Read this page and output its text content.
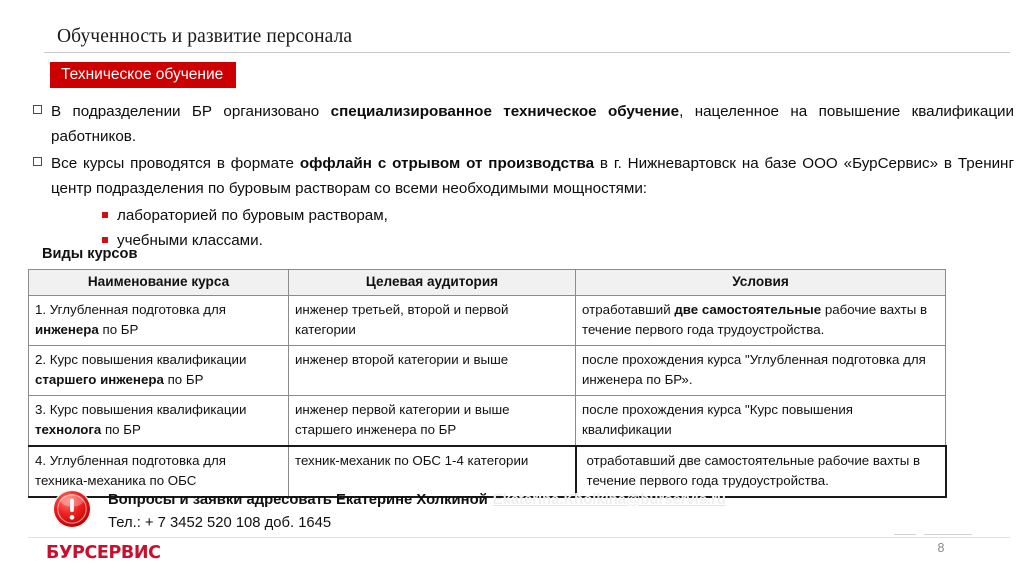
Обученность и развитие персонала
Техническое обучение
В подразделении БР организовано специализированное техническое обучение, нацеленное на повышение квалификации работников.
Все курсы проводятся в формате оффлайн с отрывом от производства в г. Нижневартовск на базе ООО «БурСервис» в Тренинг центр подразделения по буровым растворам со всеми необходимыми мощностями:
лабораторией по буровым растворам,
учебными классами.
Виды курсов
Наименование курса	Целевая аудитория	Условия
1. Углубленная подготовка для инженера по БР	инженер третьей, второй и первой категории	отработавший две самостоятельные рабочие вахты в течение первого года трудоустройства.
2. Курс повышения квалификации старшего инженера по БР	инженер второй категории и выше	после прохождения курса "Углубленная подготовка для инженера по БР».
3. Курс повышения квалификации технолога по БР	инженер первой категории и выше старшего инженера по БР	после прохождения курса "Курс повышения квалификации
4. Углубленная подготовка для техника-механика по ОБС	техник-механик по ОБС 1-4 категории	отработавший две самостоятельные рабочие вахты в течение первого года трудоустройства.
Вопросы и заявки адресовать Екатерине Холкиной Ekaterina.Kholkina@burservis.ru
Тел.: + 7 3452 520 108 доб. 1645
БУРСЕРВИС	8
